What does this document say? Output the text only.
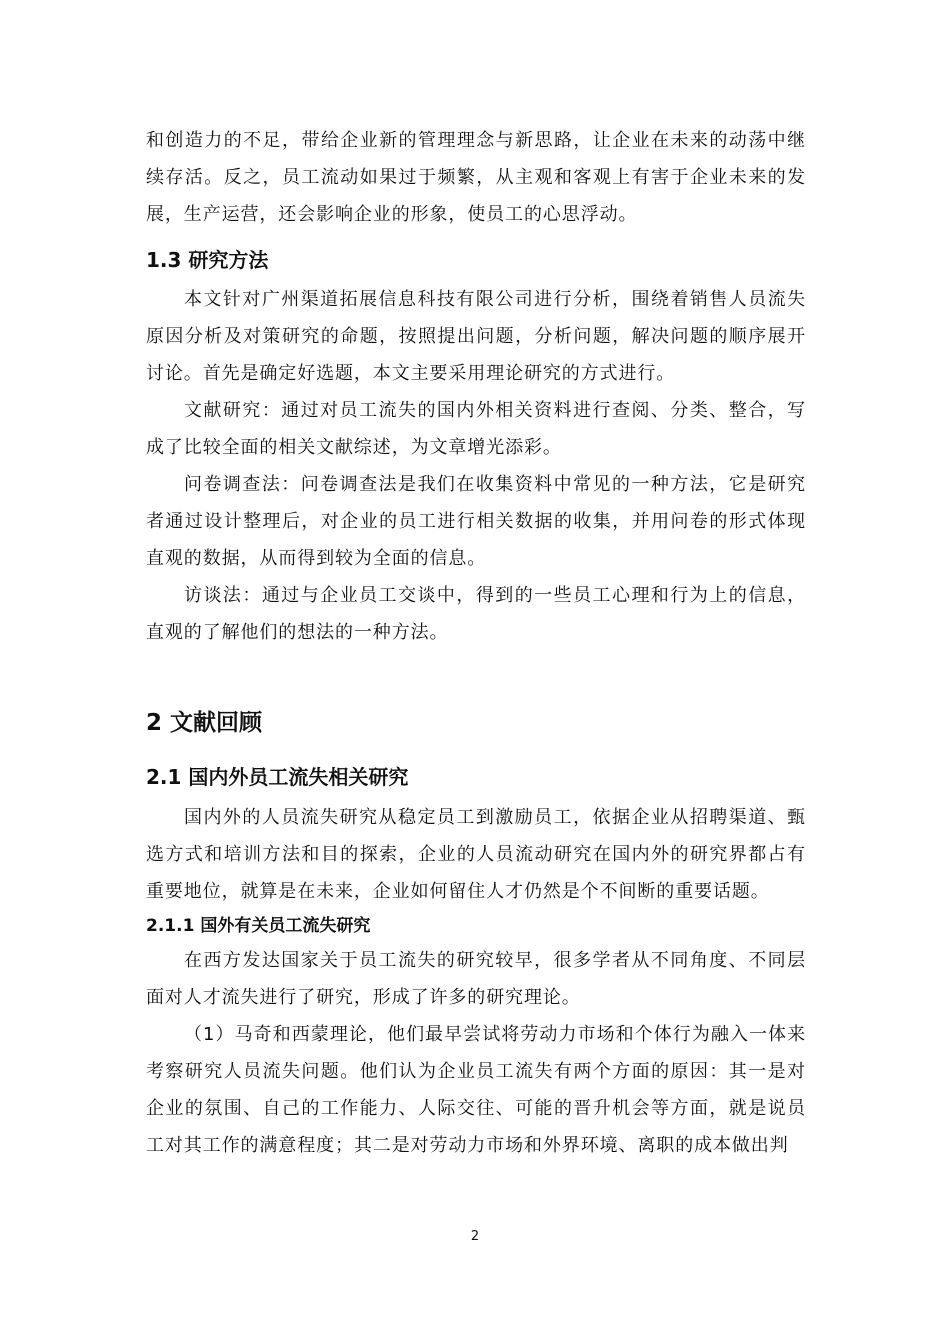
和创造力的不足，带给企业新的管理理念与新思路，让企业在未来的动荡中继续存活。反之，员工流动如果过于频繁，从主观和客观上有害于企业未来的发展，生产运营，还会影响企业的形象，使员工的心思浮动。

1.3 研究方法

本文针对广州渠道拓展信息科技有限公司进行分析，围绕着销售人员流失原因分析及对策研究的命题，按照提出问题，分析问题，解决问题的顺序展开讨论。首先是确定好选题，本文主要采用理论研究的方式进行。

文献研究：通过对员工流失的国内外相关资料进行查阅、分类、整合，写成了比较全面的相关文献综述，为文章增光添彩。

问卷调查法：问卷调查法是我们在收集资料中常见的一种方法，它是研究者通过设计整理后，对企业的员工进行相关数据的收集，并用问卷的形式体现直观的数据，从而得到较为全面的信息。

访谈法：通过与企业员工交谈中，得到的一些员工心理和行为上的信息，直观的了解他们的想法的一种方法。

2 文献回顾
2.1 国内外员工流失相关研究

国内外的人员流失研究从稳定员工到激励员工，依据企业从招聘渠道、甄选方式和培训方法和目的探索，企业的人员流动研究在国内外的研究界都占有重要地位，就算是在未来，企业如何留住人才仍然是个不间断的重要话题。

2.1.1 国外有关员工流失研究

在西方发达国家关于员工流失的研究较早，很多学者从不同角度、不同层面对人才流失进行了研究，形成了许多的研究理论。

（1）马奇和西蒙理论，他们最早尝试将劳动力市场和个体行为融入一体来考察研究人员流失问题。他们认为企业员工流失有两个方面的原因：其一是对企业的氛围、自己的工作能力、人际交往、可能的晋升机会等方面，就是说员工对其工作的满意程度；其二是对劳动力市场和外界环境、离职的成本做出判

2
